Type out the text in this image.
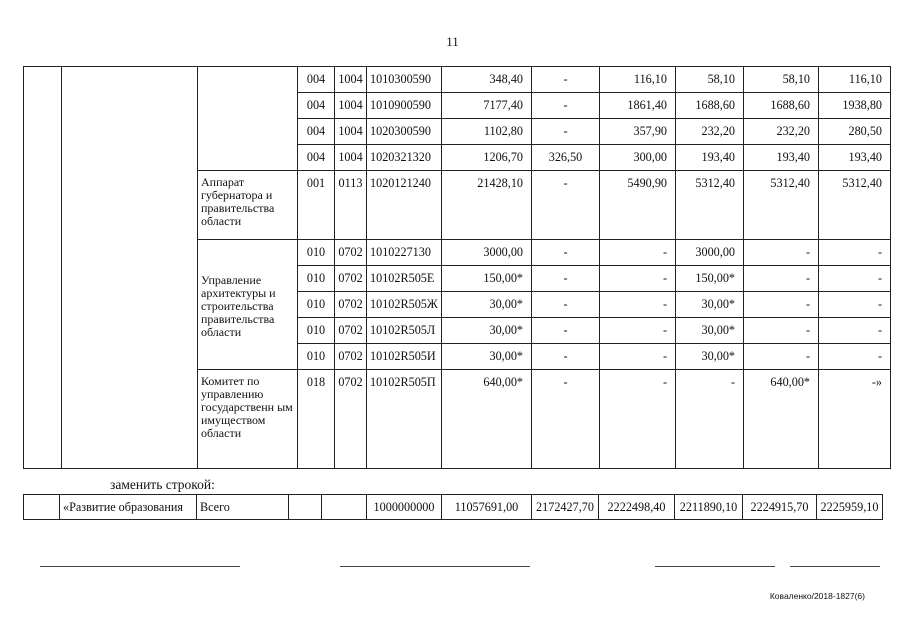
11
			004	1004	1010300590	348,40	-	116,10	58,10	58,10	116,10
			004	1004	1010900590	7177,40	-	1861,40	1688,60	1688,60	1938,80
			004	1004	1020300590	1102,80	-	357,90	232,20	232,20	280,50
			004	1004	1020321320	1206,70	326,50	300,00	193,40	193,40	193,40
		Аппарат губернатора и правительства области	001	0113	1020121240	21428,10	-	5490,90	5312,40	5312,40	5312,40
		Управление архитектуры и строительства правительства области	010	0702	1010227130	3000,00	-	-	3000,00	-	-
			010	0702	10102R505E	150,00*	-	-	150,00*	-	-
			010	0702	10102R505Ж	30,00*	-	-	30,00*	-	-
			010	0702	10102R505Л	30,00*	-	-	30,00*	-	-
			010	0702	10102R505И	30,00*	-	-	30,00*	-	-
		Комитет по управлению государственн ым имуществом области	018	0702	10102R505П	640,00*	-	-	-	640,00*	-»
заменить строкой:
	«Развитие образования	Всего			1000000000	11057691,00	2172427,70	2222498,40	2211890,10	2224915,70	2225959,10
Коваленко/2018-1827(6)
